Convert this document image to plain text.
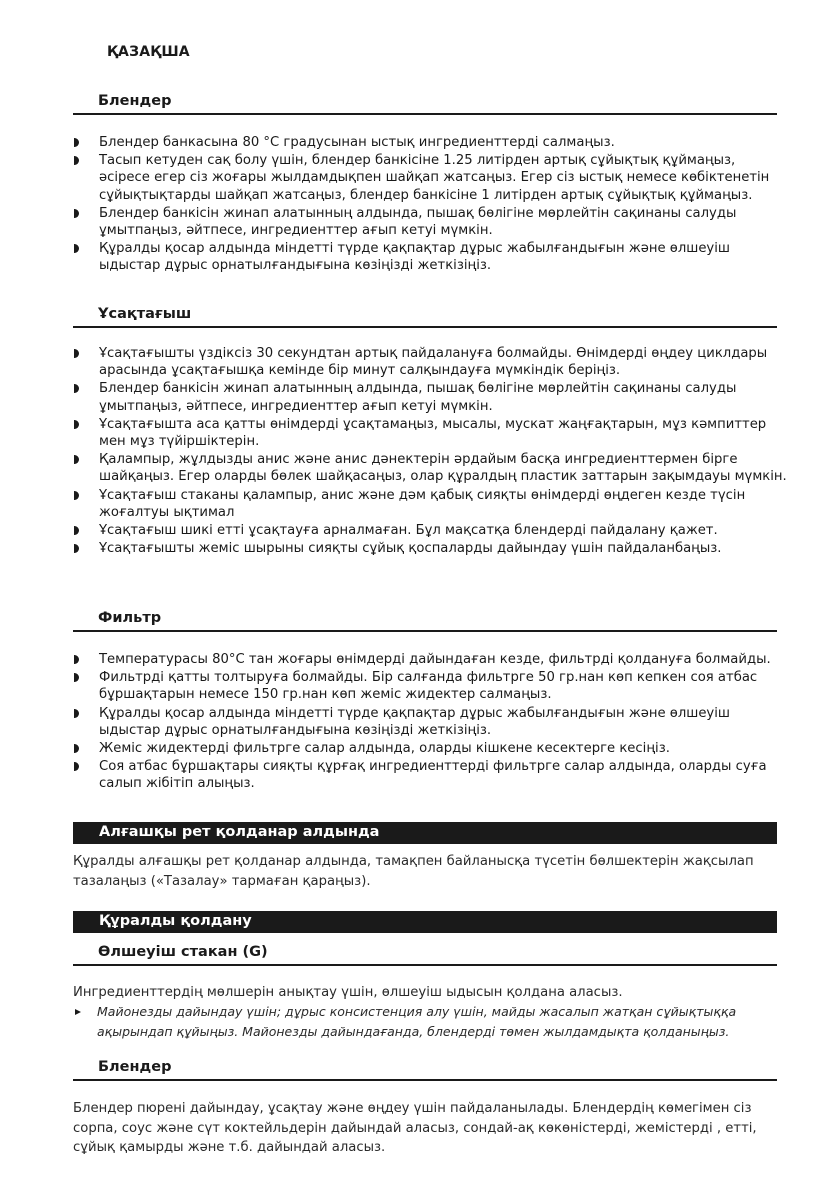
ҚАЗАҚША
Блендер
Блендер банкасына 80 °C градусынан ыстық ингредиенттерді салмаңыз.
Тасып кетуден сақ болу үшін, блендер банкісіне 1.25 литірден артық сұйықтық құймаңыз, әсіресе егер сіз жоғары жылдамдықпен шайқап жатсаңыз. Егер сіз ыстық немесе көбіктенетін сұйықтықтарды шайқап жатсаңыз, блендер банкісіне 1 литірден артық сұйықтық құймаңыз.
Блендер банкісін жинап алатынның алдында, пышақ бөлігіне мөрлейтін сақинаны салуды ұмытпаңыз, әйтпесе, ингредиенттер ағып кетуі мүмкін.
Құралды қосар алдында міндетті түрде қақпақтар дұрыс жабылғандығын және өлшеуіш ыдыстар дұрыс орнатылғандығына көзіңізді жеткізіңіз.
Ұсақтағыш
Ұсақтағышты үздіксіз 30 секундтан артық пайдалануға болмайды. Өнімдерді өңдеу циклдары арасында ұсақтағышқа кемінде бір минут салқындауға мүмкіндік беріңіз.
Блендер банкісін жинап алатынның алдында, пышақ бөлігіне мөрлейтін сақинаны салуды ұмытпаңыз, әйтпесе, ингредиенттер ағып кетуі мүмкін.
Ұсақтағышта аса қатты өнімдерді ұсақтамаңыз, мысалы, мускат жаңғақтарын, мұз кәмпиттер мен мұз түйіршіктерін.
Қалампыр, жұлдызды анис және анис дәнектерін әрдайым басқа ингредиенттермен бірге шайқаңыз. Егер оларды бөлек шайқасаңыз, олар құралдың пластик заттарын зақымдауы мүмкін.
Ұсақтағыш стаканы қалампыр, анис және дәм қабық сияқты өнімдерді өңдеген кезде түсін жоғалтуы ықтимал
Ұсақтағыш шикі етті ұсақтауға арналмаған. Бұл мақсатқа блендерді пайдалану қажет.
Ұсақтағышты жеміс шырыны сияқты сұйық қоспаларды дайындау үшін пайдаланбаңыз.
Фильтр
Температурасы 80°C тан жоғары өнімдерді дайындаған кезде, фильтрді қолдануға болмайды.
Фильтрді қатты толтыруға болмайды. Бір салғанда фильтрге 50 гр.нан көп кепкен соя атбас бұршақтарын немесе 150 гр.нан көп жеміс жидектер салмаңыз.
Құралды қосар алдында міндетті түрде қақпақтар дұрыс жабылғандығын және өлшеуіш ыдыстар дұрыс орнатылғандығына көзіңізді жеткізіңіз.
Жеміс жидектерді фильтрге салар алдында, оларды кішкене кесектерге кесіңіз.
Соя атбас бұршақтары сияқты құрғақ ингредиенттерді фильтрге салар алдында, оларды суға салып жібітіп алыңыз.
Алғашқы рет қолданар алдында

Құралды алғашқы рет қолданар алдында, тамақпен байланысқа түсетін бөлшектерін жақсылап тазалаңыз («Тазалау» тармаған қараңыз).

Құралды қолдану
Өлшеуіш стакан (G)

Ингредиенттердің мөлшерін анықтау үшін, өлшеуіш ыдысын қолдана аласыз.

Майонезды дайындау үшін; дұрыс консистенция алу үшін, майды жасалып жатқан сұйықтыққа ақырындап құйыңыз. Майонезды дайындағанда, блендерді төмен жылдамдықта қолданыңыз.
Блендер

Блендер пюрені дайындау, ұсақтау және өңдеу үшін пайдаланылады. Блендердің көмегімен сіз сорпа, соус және сүт коктейльдерін дайындай аласыз, сондай-ақ көкөністерді, жемістерді , етті, сұйық қамырды және т.б. дайындай аласыз.
